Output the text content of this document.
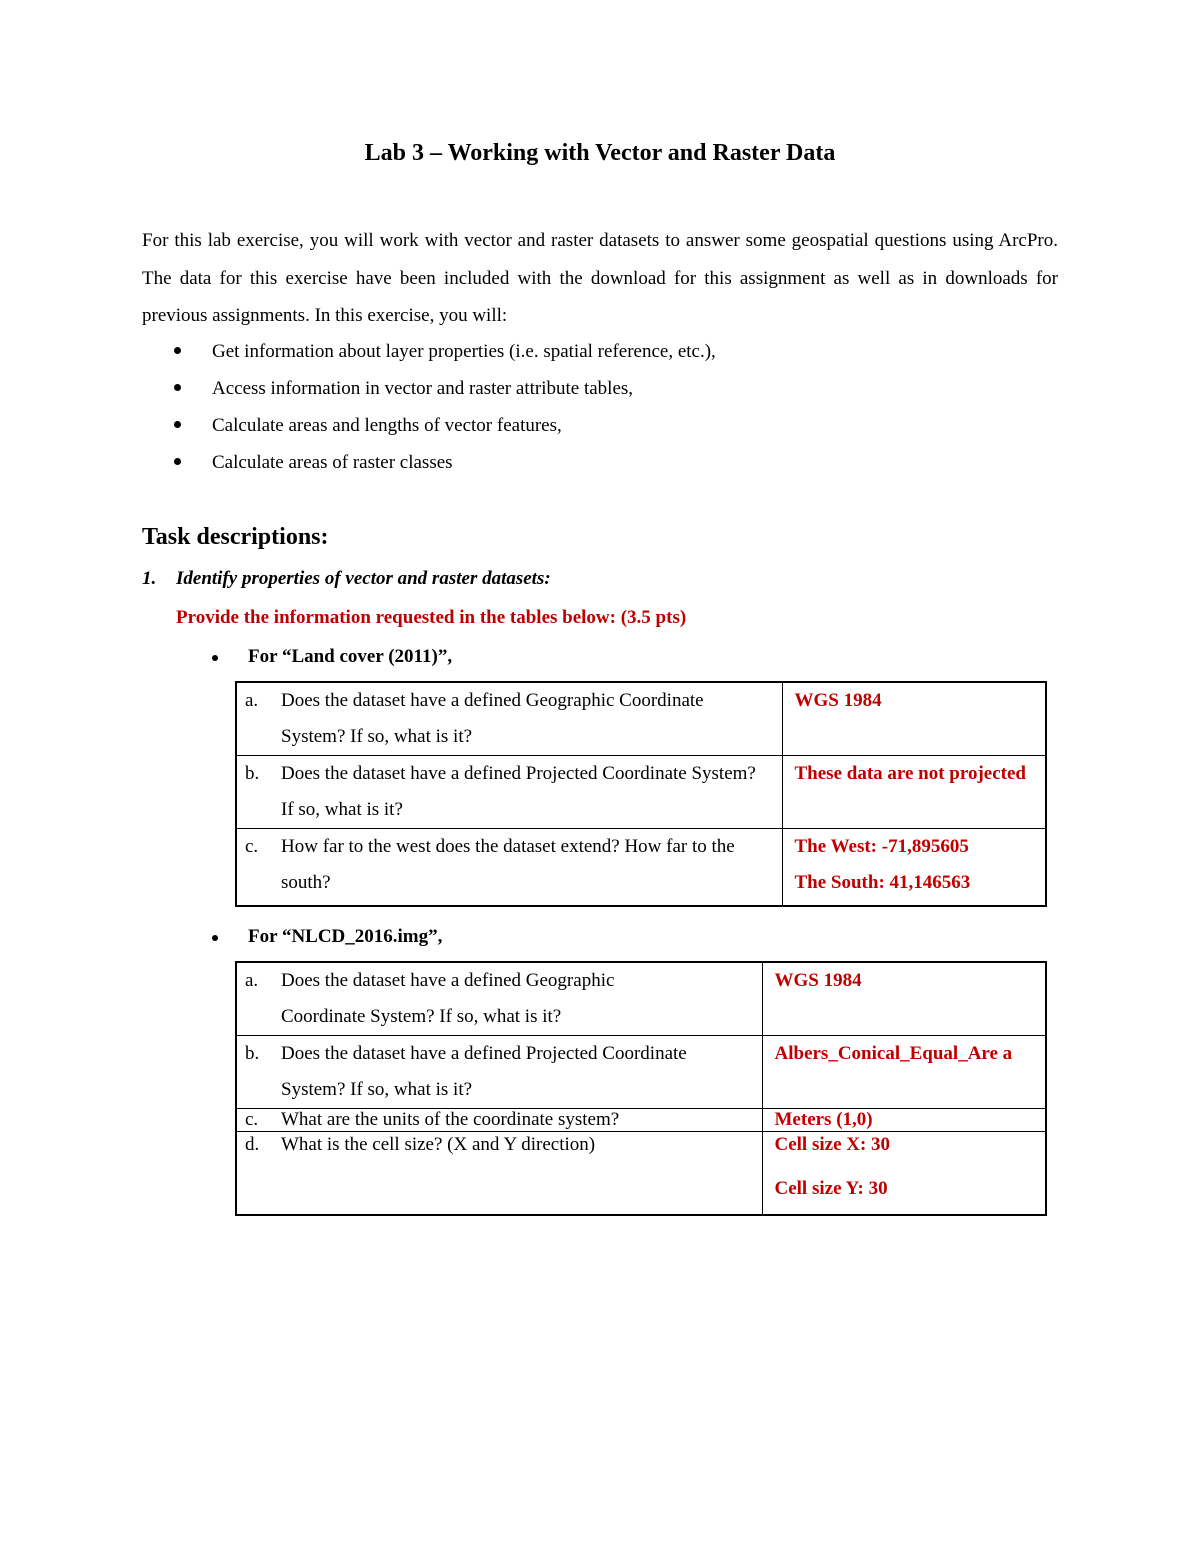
Lab 3 – Working with Vector and Raster Data

For this lab exercise, you will work with vector and raster datasets to answer some geospatial questions using ArcPro. The data for this exercise have been included with the download for this assignment as well as in downloads for previous assignments. In this exercise, you will:

Get information about layer properties (i.e. spatial reference, etc.),
Access information in vector and raster attribute tables,
Calculate areas and lengths of vector features,
Calculate areas of raster classes
Task descriptions:
1. Identify properties of vector and raster datasets:
Provide the information requested in the tables below: (3.5 pts)
For “Land cover (2011)”,
a. Does the dataset have a defined Geographic Coordinate System? If so, what is it?	WGS 1984

b. Does the dataset have a defined Projected Coordinate System? If so, what is it?	These data are not projected

c. How far to the west does the dataset extend? How far to the south?	The West: -71,895605
The South: 41,146563
For “NLCD_2016.img”,
a. Does the dataset have a defined Geographic Coordinate System? If so, what is it?	WGS 1984

b. Does the dataset have a defined Projected Coordinate System? If so, what is it?	Albers_Conical_Equal_Are a

c. What are the units of the coordinate system?	Meters (1,0)

d. What is the cell size? (X and Y direction)	Cell size X: 30
Cell size Y: 30
